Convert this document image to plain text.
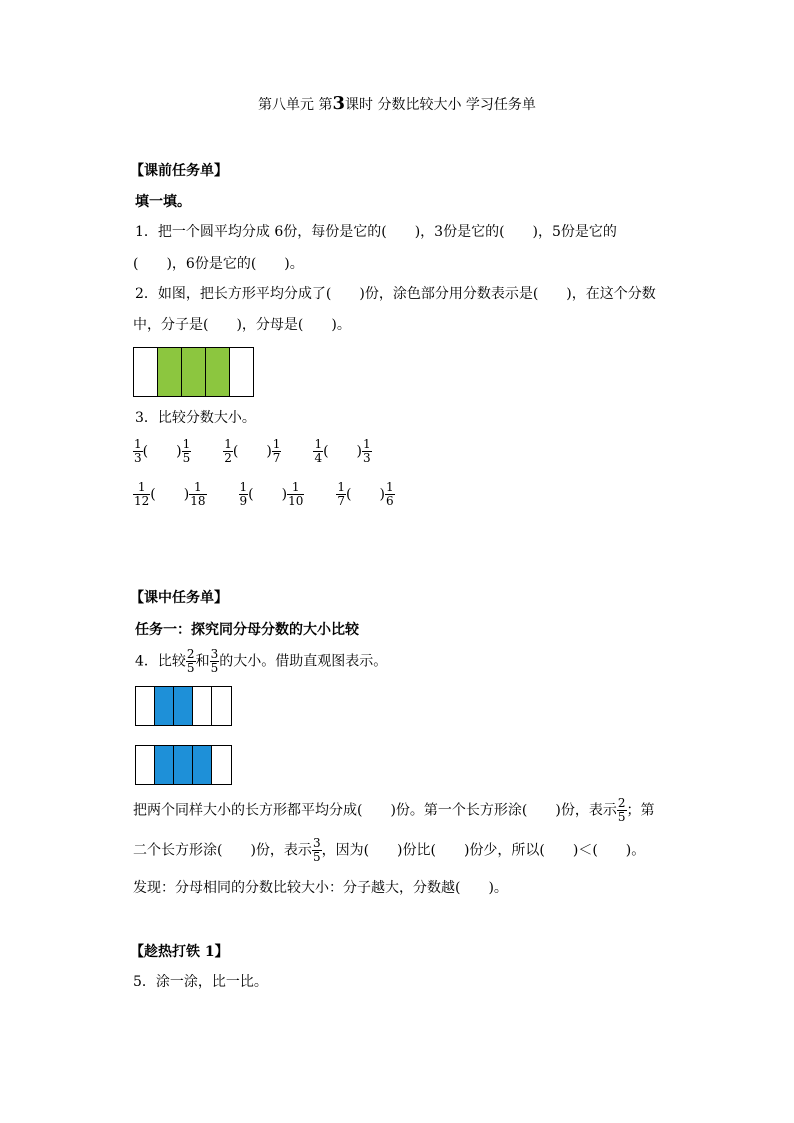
第八单元 第3课时 分数比较大小 学习任务单
【课前任务单】
填一填。
1．把一个圆平均分成 6份，每份是它的(　　)，3份是它的(　　)，5份是它的
(　　)，6份是它的(　　)。
2．如图，把长方形平均分成了(　　)份，涂色部分用分数表示是(　　)，在这个分数
中，分子是(　　)，分母是(　　)。
3．比较分数大小。
$\frac{1}{3}$ (　　) $\frac{1}{5}$	$\frac{1}{2}$ (　　) $\frac{1}{7}$	$\frac{1}{4}$ (　　) $\frac{1}{3}$
$\frac{1}{12}$ (　　) $\frac{1}{18}$	$\frac{1}{9}$ (　　) $\frac{1}{10}$	$\frac{1}{7}$ (　　) $\frac{1}{6}$
【课中任务单】
任务一：探究同分母分数的大小比较
4．比较 $\frac{2}{5}$ 和 $\frac{3}{5}$ 的大小。借助直观图表示。
把两个同样大小的长方形都平均分成(　　)份。第一个长方形涂(　　)份，表示 $\frac{2}{5}$ ；第
二个长方形涂(　　)份，表示 $\frac{3}{5}$ ，因为(　　)份比(　　)份少，所以(　　)＜(　　)。
发现：分母相同的分数比较大小：分子越大，分数越(　　)。
【趁热打铁 1】
5．涂一涂，比一比。
